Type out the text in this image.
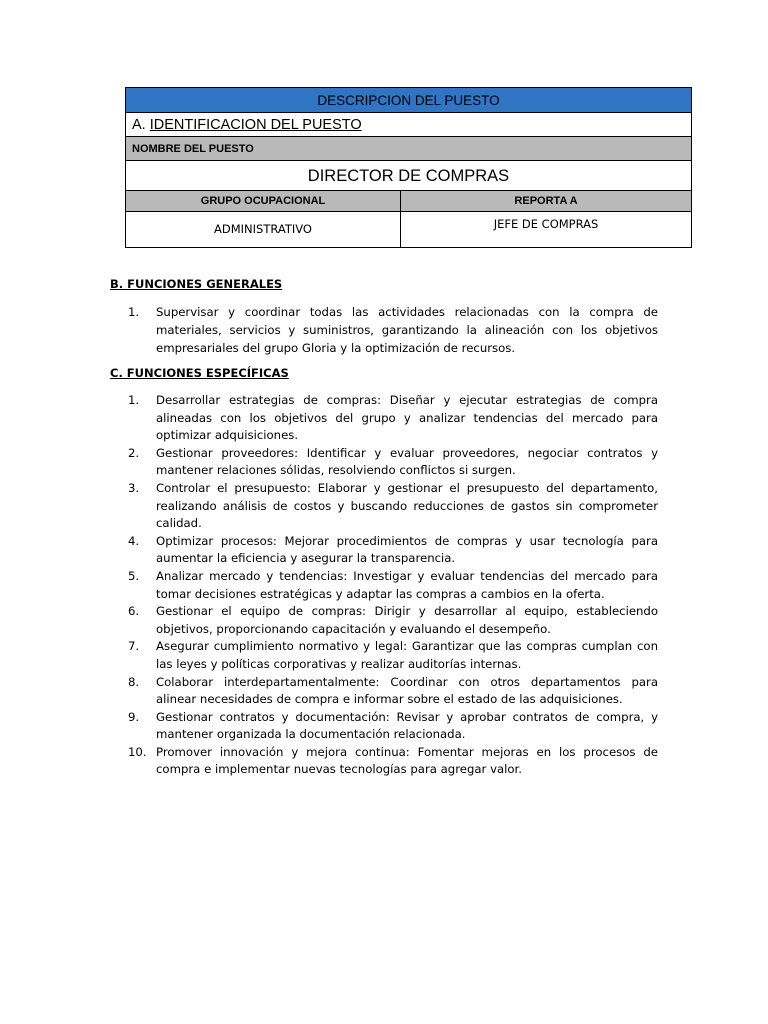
DESCRIPCION DEL PUESTO
A. IDENTIFICACION DEL PUESTO
NOMBRE DEL PUESTO
DIRECTOR DE COMPRAS
GRUPO OCUPACIONAL	REPORTA A
ADMINISTRATIVO	JEFE DE COMPRAS
B. FUNCIONES GENERALES
1.	Supervisar y coordinar todas las actividades relacionadas con la compra de materiales, servicios y suministros, garantizando la alineación con los objetivos empresariales del grupo Gloria y la optimización de recursos.
C. FUNCIONES ESPECÍFICAS
1.	Desarrollar estrategias de compras: Diseñar y ejecutar estrategias de compra alineadas con los objetivos del grupo y analizar tendencias del mercado para optimizar adquisiciones.
2.	Gestionar proveedores: Identificar y evaluar proveedores, negociar contratos y mantener relaciones sólidas, resolviendo conflictos si surgen.
3.	Controlar el presupuesto: Elaborar y gestionar el presupuesto del departamento, realizando análisis de costos y buscando reducciones de gastos sin comprometer calidad.
4.	Optimizar procesos: Mejorar procedimientos de compras y usar tecnología para aumentar la eficiencia y asegurar la transparencia.
5.	Analizar mercado y tendencias: Investigar y evaluar tendencias del mercado para tomar decisiones estratégicas y adaptar las compras a cambios en la oferta.
6.	Gestionar el equipo de compras: Dirigir y desarrollar al equipo, estableciendo objetivos, proporcionando capacitación y evaluando el desempeño.
7.	Asegurar cumplimiento normativo y legal: Garantizar que las compras cumplan con las leyes y políticas corporativas y realizar auditorías internas.
8.	Colaborar interdepartamentalmente: Coordinar con otros departamentos para alinear necesidades de compra e informar sobre el estado de las adquisiciones.
9.	Gestionar contratos y documentación: Revisar y aprobar contratos de compra, y mantener organizada la documentación relacionada.
10. Promover innovación y mejora continua: Fomentar mejoras en los procesos de compra e implementar nuevas tecnologías para agregar valor.
